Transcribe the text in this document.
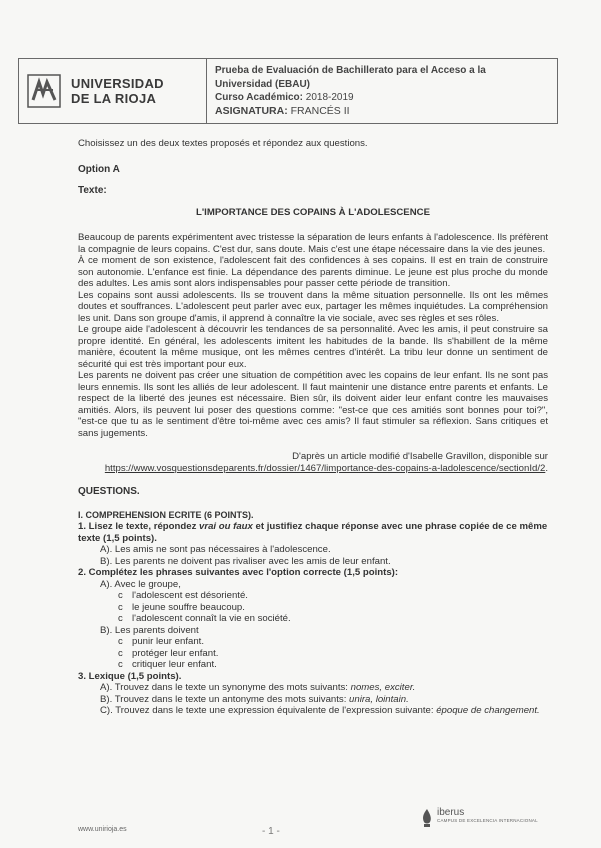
UNIVERSIDAD
DE LA RIOJA
Prueba de Evaluación de Bachillerato para el Acceso a la
Universidad (EBAU)
Curso Académico: 2018-2019
ASIGNATURA: FRANCÉS II

Choisissez un des deux textes proposés et répondez aux questions.

Option A

Texte:

L'IMPORTANCE DES COPAINS À L'ADOLESCENCE

Beaucoup de parents expérimentent avec tristesse la séparation de leurs enfants à l'adolescence. Ils préfèrent la compagnie de leurs copains. C'est dur, sans doute. Mais c'est une étape nécessaire dans la vie des jeunes.

À ce moment de son existence, l'adolescent fait des confidences à ses copains. Il est en train de construire son autonomie. L'enfance est finie. La dépendance des parents diminue. Le jeune est plus proche du monde des adultes. Les amis sont alors indispensables pour passer cette période de transition.

Les copains sont aussi adolescents. Ils se trouvent dans la même situation personnelle. Ils ont les mêmes doutes et souffrances. L'adolescent peut parler avec eux, partager les mêmes inquiétudes. La compréhension les unit. Dans son groupe d'amis, il apprend à connaître la vie sociale, avec ses règles et ses rôles.

Le groupe aide l'adolescent à découvrir les tendances de sa personnalité. Avec les amis, il peut construire sa propre identité. En général, les adolescents imitent les habitudes de la bande. Ils s'habillent de la même manière, écoutent la même musique, ont les mêmes centres d'intérêt. La tribu leur donne un sentiment de sécurité qui est très important pour eux.

Les parents ne doivent pas créer une situation de compétition avec les copains de leur enfant. Ils ne sont pas leurs ennemis. Ils sont les alliés de leur adolescent. Il faut maintenir une distance entre parents et enfants. Le respect de la liberté des jeunes est nécessaire. Bien sûr, ils doivent aider leur enfant contre les mauvaises amitiés. Alors, ils peuvent lui poser des questions comme: "est-ce que ces amitiés sont bonnes pour toi?", "est-ce que tu as le sentiment d'être toi-même avec ces amis? Il faut stimuler sa réflexion. Sans critiques et sans jugements.

D'après un article modifié d'Isabelle Gravillon, disponible sur
https://www.vosquestionsdeparents.fr/dossier/1467/limportance-des-copains-a-ladolescence/sectionId/2.

QUESTIONS.

I. COMPREHENSION ECRITE (6 POINTS).

1. Lisez le texte, répondez vrai ou faux et justifiez chaque réponse avec une phrase copiée de ce même texte (1,5 points).

A). Les amis ne sont pas nécessaires à l'adolescence.

B). Les parents ne doivent pas rivaliser avec les amis de leur enfant.

2. Complétez les phrases suivantes avec l'option correcte (1,5 points):

A). Avec le groupe,

c l'adolescent est désorienté.

c le jeune souffre beaucoup.

c l'adolescent connaît la vie en société.

B). Les parents doivent

c punir leur enfant.

c protéger leur enfant.

c critiquer leur enfant.

3. Lexique (1,5 points).

A). Trouvez dans le texte un synonyme des mots suivants: nomes, exciter.

B). Trouvez dans le texte un antonyme des mots suivants: unira, lointain.

C). Trouvez dans le texte une expression équivalente de l'expression suivante: époque de changement.

www.unirioja.es	- 1 -
iberus
CAMPUS DE EXCELENCIA INTERNACIONAL
